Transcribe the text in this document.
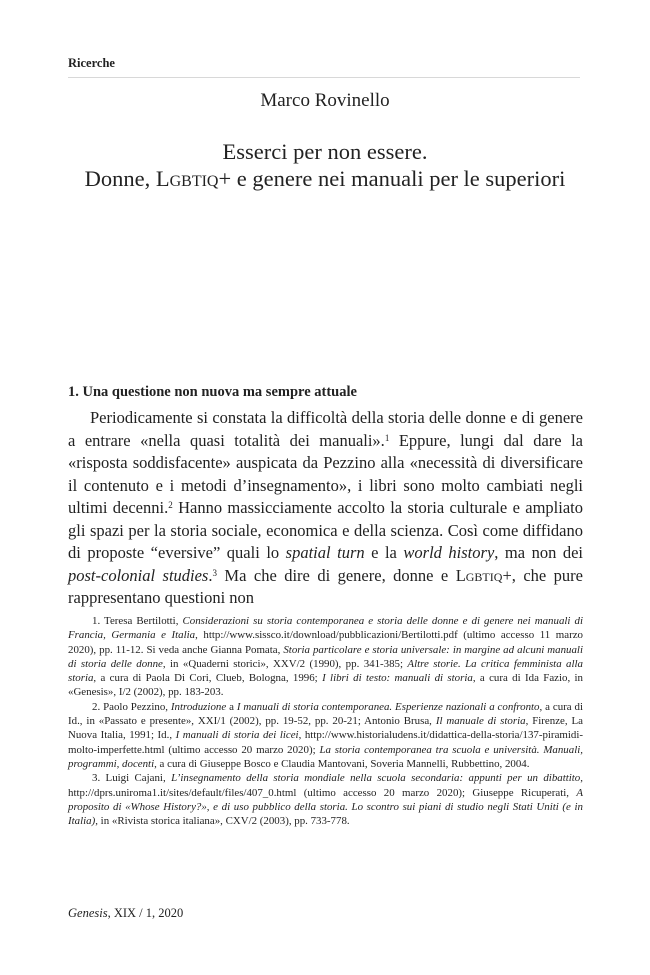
Ricerche
Marco Rovinello
Esserci per non essere.
Donne, Lgbtiq+ e genere nei manuali per le superiori
1. Una questione non nuova ma sempre attuale

Periodicamente si constata la difficoltà della storia delle donne e di genere a entrare «nella quasi totalità dei manuali».$^1$ Eppure, lungi dal dare la «risposta soddisfacente» auspicata da Pezzino alla «necessità di diversificare il contenuto e i metodi d’insegnamento», i libri sono molto cambiati negli ultimi decenni.$^2$ Hanno massicciamente accolto la storia culturale e ampliato gli spazi per la storia sociale, economica e della scienza. Così come diffidano di proposte “eversive” quali lo spatial turn e la world history, ma non dei post-colonial studies.$^3$ Ma che dire di genere, donne e Lgbtiq+, che pure rappresentano questioni non

1. Teresa Bertilotti, Considerazioni su storia contemporanea e storia delle donne e di genere nei manuali di Francia, Germania e Italia, http://www.sissco.it/download/pubblicazioni/Bertilotti.pdf (ultimo accesso 11 marzo 2020), pp. 11-12. Si veda anche Gianna Pomata, Storia particolare e storia universale: in margine ad alcuni manuali di storia delle donne, in «Quaderni storici», XXV/2 (1990), pp. 341-385; Altre storie. La critica femminista alla storia, a cura di Paola Di Cori, Clueb, Bologna, 1996; I libri di testo: manuali di storia, a cura di Ida Fazio, in «Genesis», I/2 (2002), pp. 183-203.

2. Paolo Pezzino, Introduzione a I manuali di storia contemporanea. Esperienze nazionali a confronto, a cura di Id., in «Passato e presente», XXI/1 (2002), pp. 19-52, pp. 20-21; Antonio Brusa, Il manuale di storia, Firenze, La Nuova Italia, 1991; Id., I manuali di storia dei licei, http://www.historialudens.it/didattica-della-storia/137-piramidi-molto-imperfette.html (ultimo accesso 20 marzo 2020); La storia contemporanea tra scuola e università. Manuali, programmi, docenti, a cura di Giuseppe Bosco e Claudia Mantovani, Soveria Mannelli, Rubbettino, 2004.

3. Luigi Cajani, L’insegnamento della storia mondiale nella scuola secondaria: appunti per un dibattito, http://dprs.uniroma1.it/sites/default/files/407_0.html (ultimo accesso 20 marzo 2020); Giuseppe Ricuperati, A proposito di «Whose History?», e di uso pubblico della storia. Lo scontro sui piani di studio negli Stati Uniti (e in Italia), in «Rivista storica italiana», CXV/2 (2003), pp. 733-778.

Genesis, XIX / 1, 2020
